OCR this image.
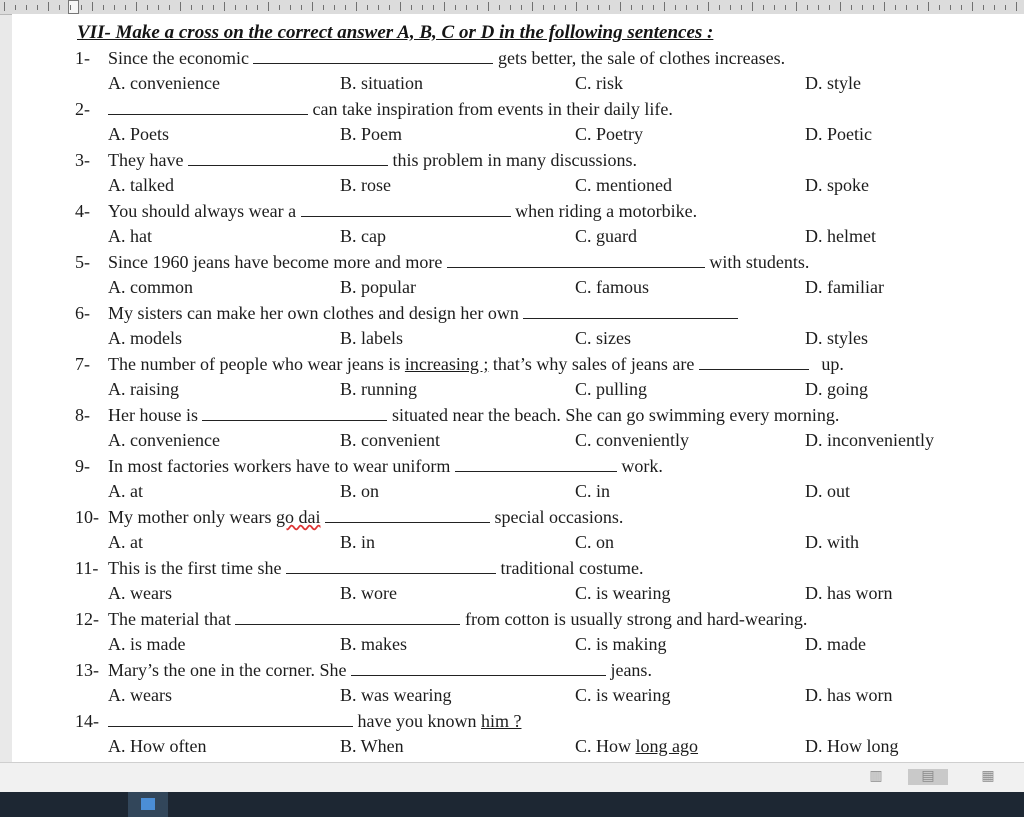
VII- Make a cross on the correct answer A, B, C or D in the following sentences :
1- Since the economic	gets better, the sale of clothes increases.
A. convenience	B. situation	C. risk	D. style
2-	can take inspiration from events in their daily life.
A. Poets	B. Poem	C. Poetry	D. Poetic
3- They have	this problem in many discussions.
A. talked	B. rose	C. mentioned	D. spoke
4- You should always wear a	when riding a motorbike.
A. hat	B. cap	C. guard	D. helmet
5- Since 1960 jeans have become more and more	with students.
A. common	B. popular	C. famous	D. familiar
6- My sisters can make her own clothes and design her own
A. models	B. labels	C. sizes	D. styles
7- The number of people who wear jeans is increasing ; that’s why sales of jeans are	up.
A. raising	B. running	C. pulling	D. going
8- Her house is	situated near the beach. She can go swimming every morning.
A. convenience	B. convenient	C. conveniently	D. inconveniently
9- In most factories workers have to wear uniform	work.
A. at	B. on	C. in	D. out
10- My mother only wears go dai	special occasions.
A. at	B. in	C. on	D. with
11- This is the first time she	traditional costume.
A. wears	B. wore	C. is wearing	D. has worn
12- The material that	from cotton is usually strong and hard-wearing.
A. is made	B. makes	C. is making	D. made
13- Mary’s the one in the corner. She	jeans.
A. wears	B. was wearing	C. is wearing	D. has worn
14-	have you known him ?
A. How often	B. When	C. How long ago	D. How long
▥	▤	▦
